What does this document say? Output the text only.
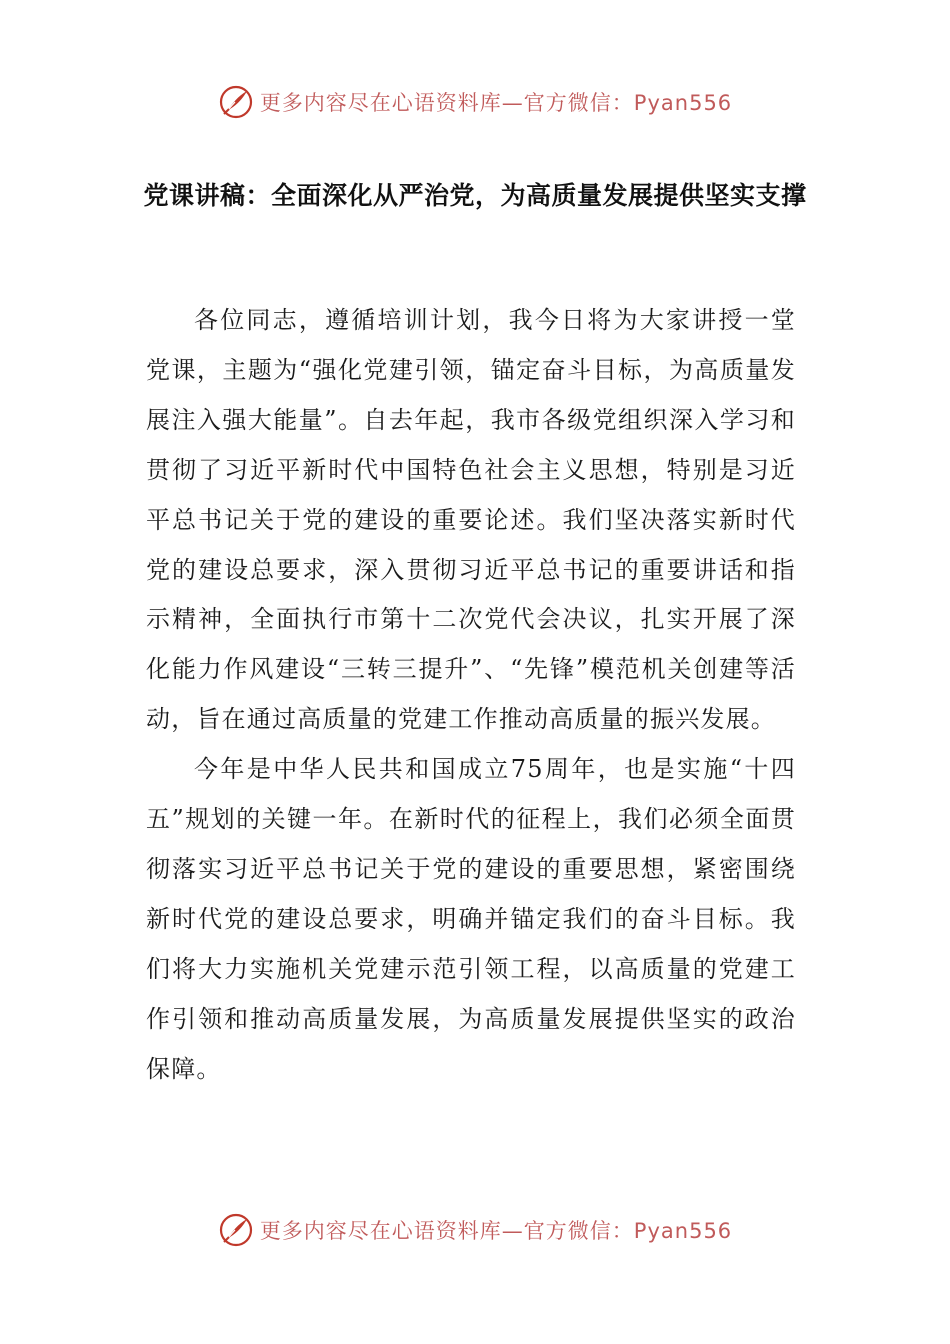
更多内容尽在心语资料库—官方微信：Pyan556
党课讲稿：全面深化从严治党，为高质量发展提供坚实支撑

各位同志，遵循培训计划，我今日将为大家讲授一堂党课，主题为“强化党建引领，锚定奋斗目标，为高质量发展注入强大能量”。自去年起，我市各级党组织深入学习和贯彻了习近平新时代中国特色社会主义思想，特别是习近平总书记关于党的建设的重要论述。我们坚决落实新时代党的建设总要求，深入贯彻习近平总书记的重要讲话和指示精神，全面执行市第十二次党代会决议，扎实开展了深化能力作风建设“三转三提升”、“先锋”模范机关创建等活动，旨在通过高质量的党建工作推动高质量的振兴发展。

今年是中华人民共和国成立75周年，也是实施“十四五”规划的关键一年。在新时代的征程上，我们必须全面贯彻落实习近平总书记关于党的建设的重要思想，紧密围绕新时代党的建设总要求，明确并锚定我们的奋斗目标。我们将大力实施机关党建示范引领工程，以高质量的党建工作引领和推动高质量发展，为高质量发展提供坚实的政治保障。

更多内容尽在心语资料库—官方微信：Pyan556
